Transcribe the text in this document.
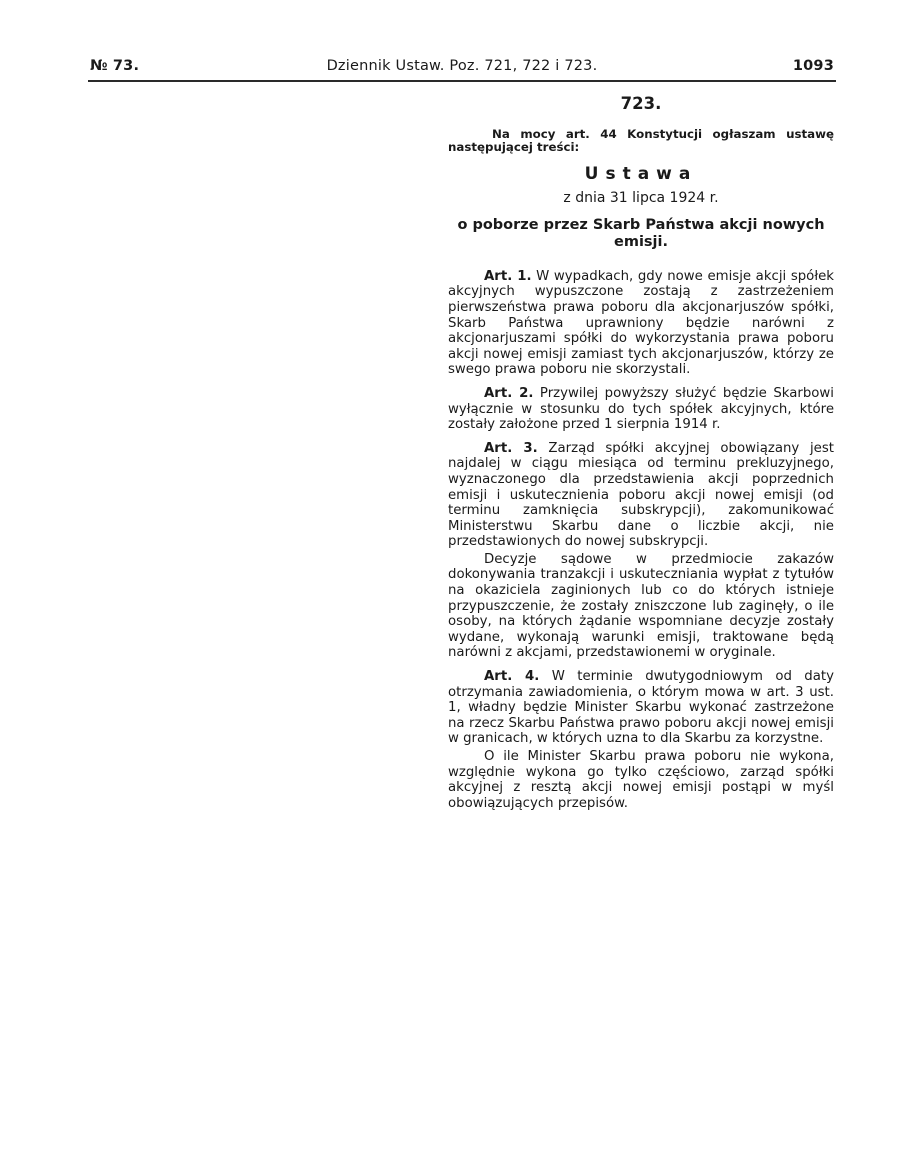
№ 73.	Dziennik Ustaw. Poz. 721, 722 i 723.	1093
723.

Na mocy art. 44 Konstytucji ogłaszam ustawę następującej treści:

Ustawa
z dnia 31 lipca 1924 r.
o poborze przez Skarb Państwa akcji nowych emisji.

Art. 1. W wypadkach, gdy nowe emisje akcji spółek akcyjnych wypuszczone zostają z zastrzeżeniem pierwszeństwa prawa poboru dla akcjonarjuszów spółki, Skarb Państwa uprawniony będzie narówni z akcjonarjuszami spółki do wykorzystania prawa poboru akcji nowej emisji zamiast tych akcjonarjuszów, którzy ze swego prawa poboru nie skorzystali.

Art. 2. Przywilej powyższy służyć będzie Skarbowi wyłącznie w stosunku do tych spółek akcyjnych, które zostały założone przed 1 sierpnia 1914 r.

Art. 3. Zarząd spółki akcyjnej obowiązany jest najdalej w ciągu miesiąca od terminu prekluzyjnego, wyznaczonego dla przedstawienia akcji poprzednich emisji i uskutecznienia poboru akcji nowej emisji (od terminu zamknięcia subskrypcji), zakomunikować Ministerstwu Skarbu dane o liczbie akcji, nie przedstawionych do nowej subskrypcji.

Decyzje sądowe w przedmiocie zakazów dokonywania tranzakcji i uskuteczniania wypłat z tytułów na okaziciela zaginionych lub co do których istnieje przypuszczenie, że zostały zniszczone lub zaginęły, o ile osoby, na których żądanie wspomniane decyzje zostały wydane, wykonają warunki emisji, traktowane będą narówni z akcjami, przedstawionemi w oryginale.

Art. 4. W terminie dwutygodniowym od daty otrzymania zawiadomienia, o którym mowa w art. 3 ust. 1, władny będzie Minister Skarbu wykonać zastrzeżone na rzecz Skarbu Państwa prawo poboru akcji nowej emisji w granicach, w których uzna to dla Skarbu za korzystne.

O ile Minister Skarbu prawa poboru nie wykona, względnie wykona go tylko częściowo, zarząd spółki akcyjnej z resztą akcji nowej emisji postąpi w myśl obowiązujących przepisów.
